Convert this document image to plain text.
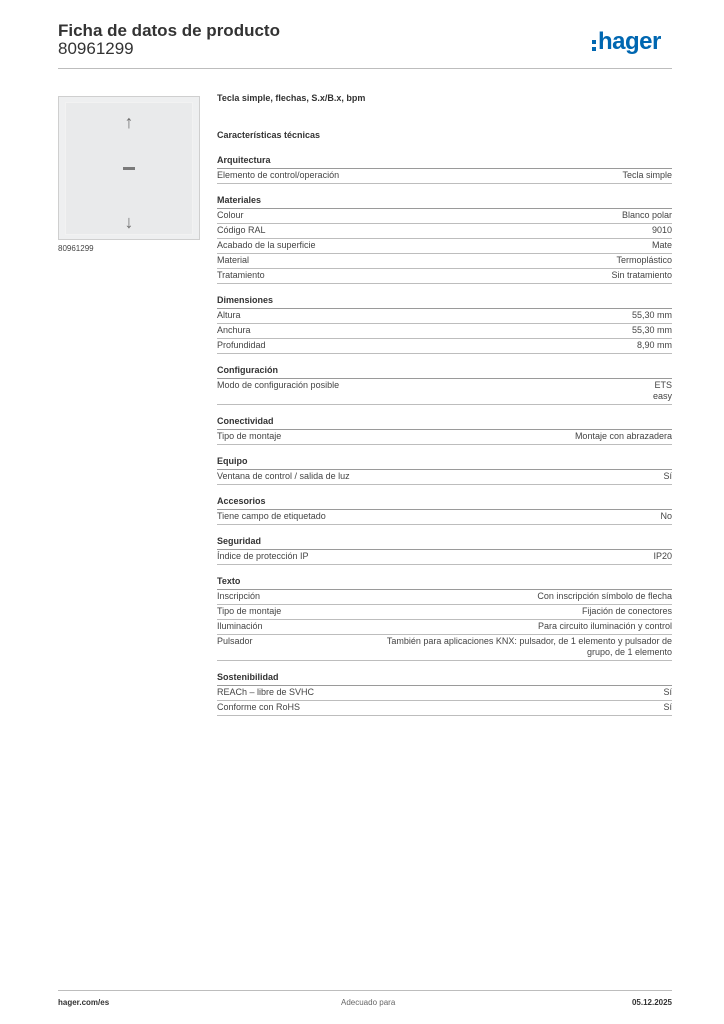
Ficha de datos de producto
80961299	hager
↑
↓
80961299
Tecla simple, flechas, S.x/B.x, bpm
Características técnicas
Arquitectura
Elemento de control/operación	Tecla simple
Materiales
Colour	Blanco polar
Código RAL	9010
Acabado de la superficie	Mate
Material	Termoplástico
Tratamiento	Sin tratamiento
Dimensiones
Altura	55,30 mm
Anchura	55,30 mm
Profundidad	8,90 mm
Configuración
Modo de configuración posible	ETS
easy
Conectividad
Tipo de montaje	Montaje con abrazadera
Equipo
Ventana de control / salida de luz	Sí
Accesorios
Tiene campo de etiquetado	No
Seguridad
Índice de protección IP	IP20
Texto
Inscripción	Con inscripción símbolo de flecha
Tipo de montaje	Fijación de conectores
Iluminación	Para circuito iluminación y control
Pulsador	También para aplicaciones KNX: pulsador, de 1 elemento y pulsador de grupo, de 1 elemento
Sostenibilidad
REACh – libre de SVHC	Sí
Conforme con RoHS	Sí
hager.com/es	Adecuado para	05.12.2025
